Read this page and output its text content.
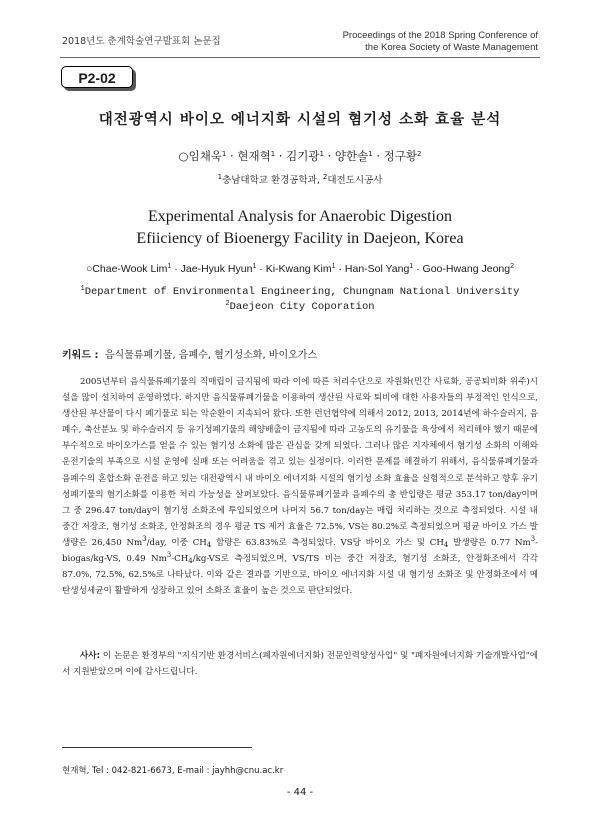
2018년도 춘계학술연구발표회 논문집
Proceedings of the 2018 Spring Conference of
the Korea Society of Waste Management
P2-02
대전광역시 바이오 에너지화 시설의 혐기성 소화 효율 분석
○임채욱$^1$ · 현재혁$^1$ · 김기광$^1$ · 양한솔$^1$ · 정구황$^2$
$^1$충남대학교 환경공학과, $^2$대전도시공사
Experimental Analysis for Anaerobic Digestion
Efiiciency of Bioenergy Facility in Daejeon, Korea
○Chae-Wook Lim$^1$ · Jae-Hyuk Hyun$^1$ · Ki-Kwang Kim$^1$ · Han-Sol Yang$^1$ · Goo-Hwang Jeong$^2$
$^1$Department of Environmental Engineering, Chungnam National University
$^2$Daejeon City Coporation
키워드 : 음식물류폐기물, 음폐수, 혐기성소화, 바이오가스

2005년부터 음식물류폐기물의 직매립이 금지됨에 따라 이에 따른 처리수단으로 자원화(민간 사료화, 공공퇴비화 위주)시설을 많이 설치하여 운영하였다. 하지만 음식물류폐기물을 이용하여 생산된 사료와 퇴비에 대한 사용자들의 부정적인 인식으로, 생산된 부산물이 다시 폐기물로 되는 악순환이 지속되어 왔다. 또한 런던협약에 의해서 2012, 2013, 2014년에 하수슬러지, 음폐수, 축산분뇨 및 하수슬러지 등 유기성폐기물의 해양배출이 금지됨에 따라 고농도의 유기물을 육상에서 처리해야 했기 때문에 부수적으로 바이오가스를 얻을 수 있는 혐기성 소화에 많은 관심을 갖게 되었다. 그러나 많은 지자체에서 혐기성 소화의 이해와 운전기술의 부족으로 시설 운영에 실패 또는 어려움을 겪고 있는 실정이다. 이러한 문제를 해결하기 위해서, 음식물류폐기물과 음폐수의 혼합소화 운전을 하고 있는 대전광역시 내 바이오 에너지화 시설의 혐기성 소화 효율을 실험적으로 분석하고 향후 유기성폐기물의 혐기소화를 이용한 처리 가능성을 살펴보았다. 음식물류폐기물과 음폐수의 총 반입량은 평균 353.17 ton/day이며 그 중 296.47 ton/day이 혐기성 소화조에 투입되었으며 나머지 56.7 ton/day는 매립 처리하는 것으로 측정되었다. 시설 내 중간 저장조, 혐기성 소화조, 안정화조의 경우 평균 TS 제거 효율은 72.5%, VS는 80.2%로 측정되었으며 평균 바이오 가스 발생량은 26,450 Nm$^3$/day, 이중 $CH_4$ 함량은 63.83%로 측정되었다. VS당 바이오 가스 및 $CH_4$ 발생량은 0.77 Nm$^3$-biogas/kg-VS, 0.49 $Nm^3-CH_4/kg-VS$로 측정되었으며, VS/TS 비는 중간 저장조, 혐기성 소화조, 안정화조에서 각각 87.0%, 72.5%, 62.5%로 나타났다. 이와 같은 결과를 기반으로, 바이오 에너지화 시설 내 혐기성 소화조 및 안정화조에서 메탄생성세균이 활발하게 성장하고 있어 소화조 효율이 높은 것으로 판단되었다.

사사: 이 논문은 환경부의 "지식기반 환경서비스(폐자원에너지화) 전문인력양성사업" 및 "폐자원에너지화 기술개발사업"에서 지원받았으며 이에 감사드립니다.

현재혁, Tel : 042-821-6673, E-mail : jayhh@cnu.ac.kr
- 44 -
